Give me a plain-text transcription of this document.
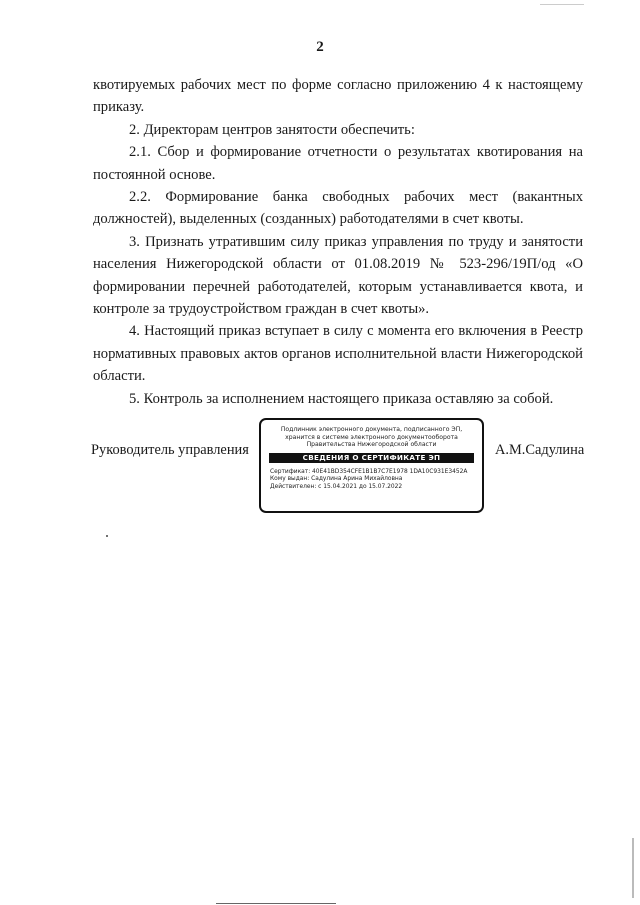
2

квотируемых рабочих мест по форме согласно приложению 4 к настоящему приказу.

2. Директорам центров занятости обеспечить:

2.1. Сбор и формирование отчетности о результатах квотирования на постоянной основе.

2.2. Формирование банка свободных рабочих мест (вакантных должностей), выделенных (созданных) работодателями в счет квоты.

3. Признать утратившим силу приказ управления по труду и занятости населения Нижегородской области от 01.08.2019 № 523-296/19П/од «О формировании перечней работодателей, которым устанавливается квота, и контроле за трудоустройством граждан в счет квоты».

4. Настоящий приказ вступает в силу с момента его включения в Реестр нормативных правовых актов органов исполнительной власти Нижегородской области.

5. Контроль за исполнением настоящего приказа оставляю за собой.

Руководитель управления	А.М.Садулина
Подлинник электронного документа, подписанного ЭП,
хранится в системе электронного документооборота
Правительства Нижегородской области
СВЕДЕНИЯ О СЕРТИФИКАТЕ ЭП
Сертификат: 40E41BD354CFE1B1B7C7E1978 1DA10C931E3452A
Кому выдан: Садулина Арина Михайловна
Действителен: с 15.04.2021 до 15.07.2022
